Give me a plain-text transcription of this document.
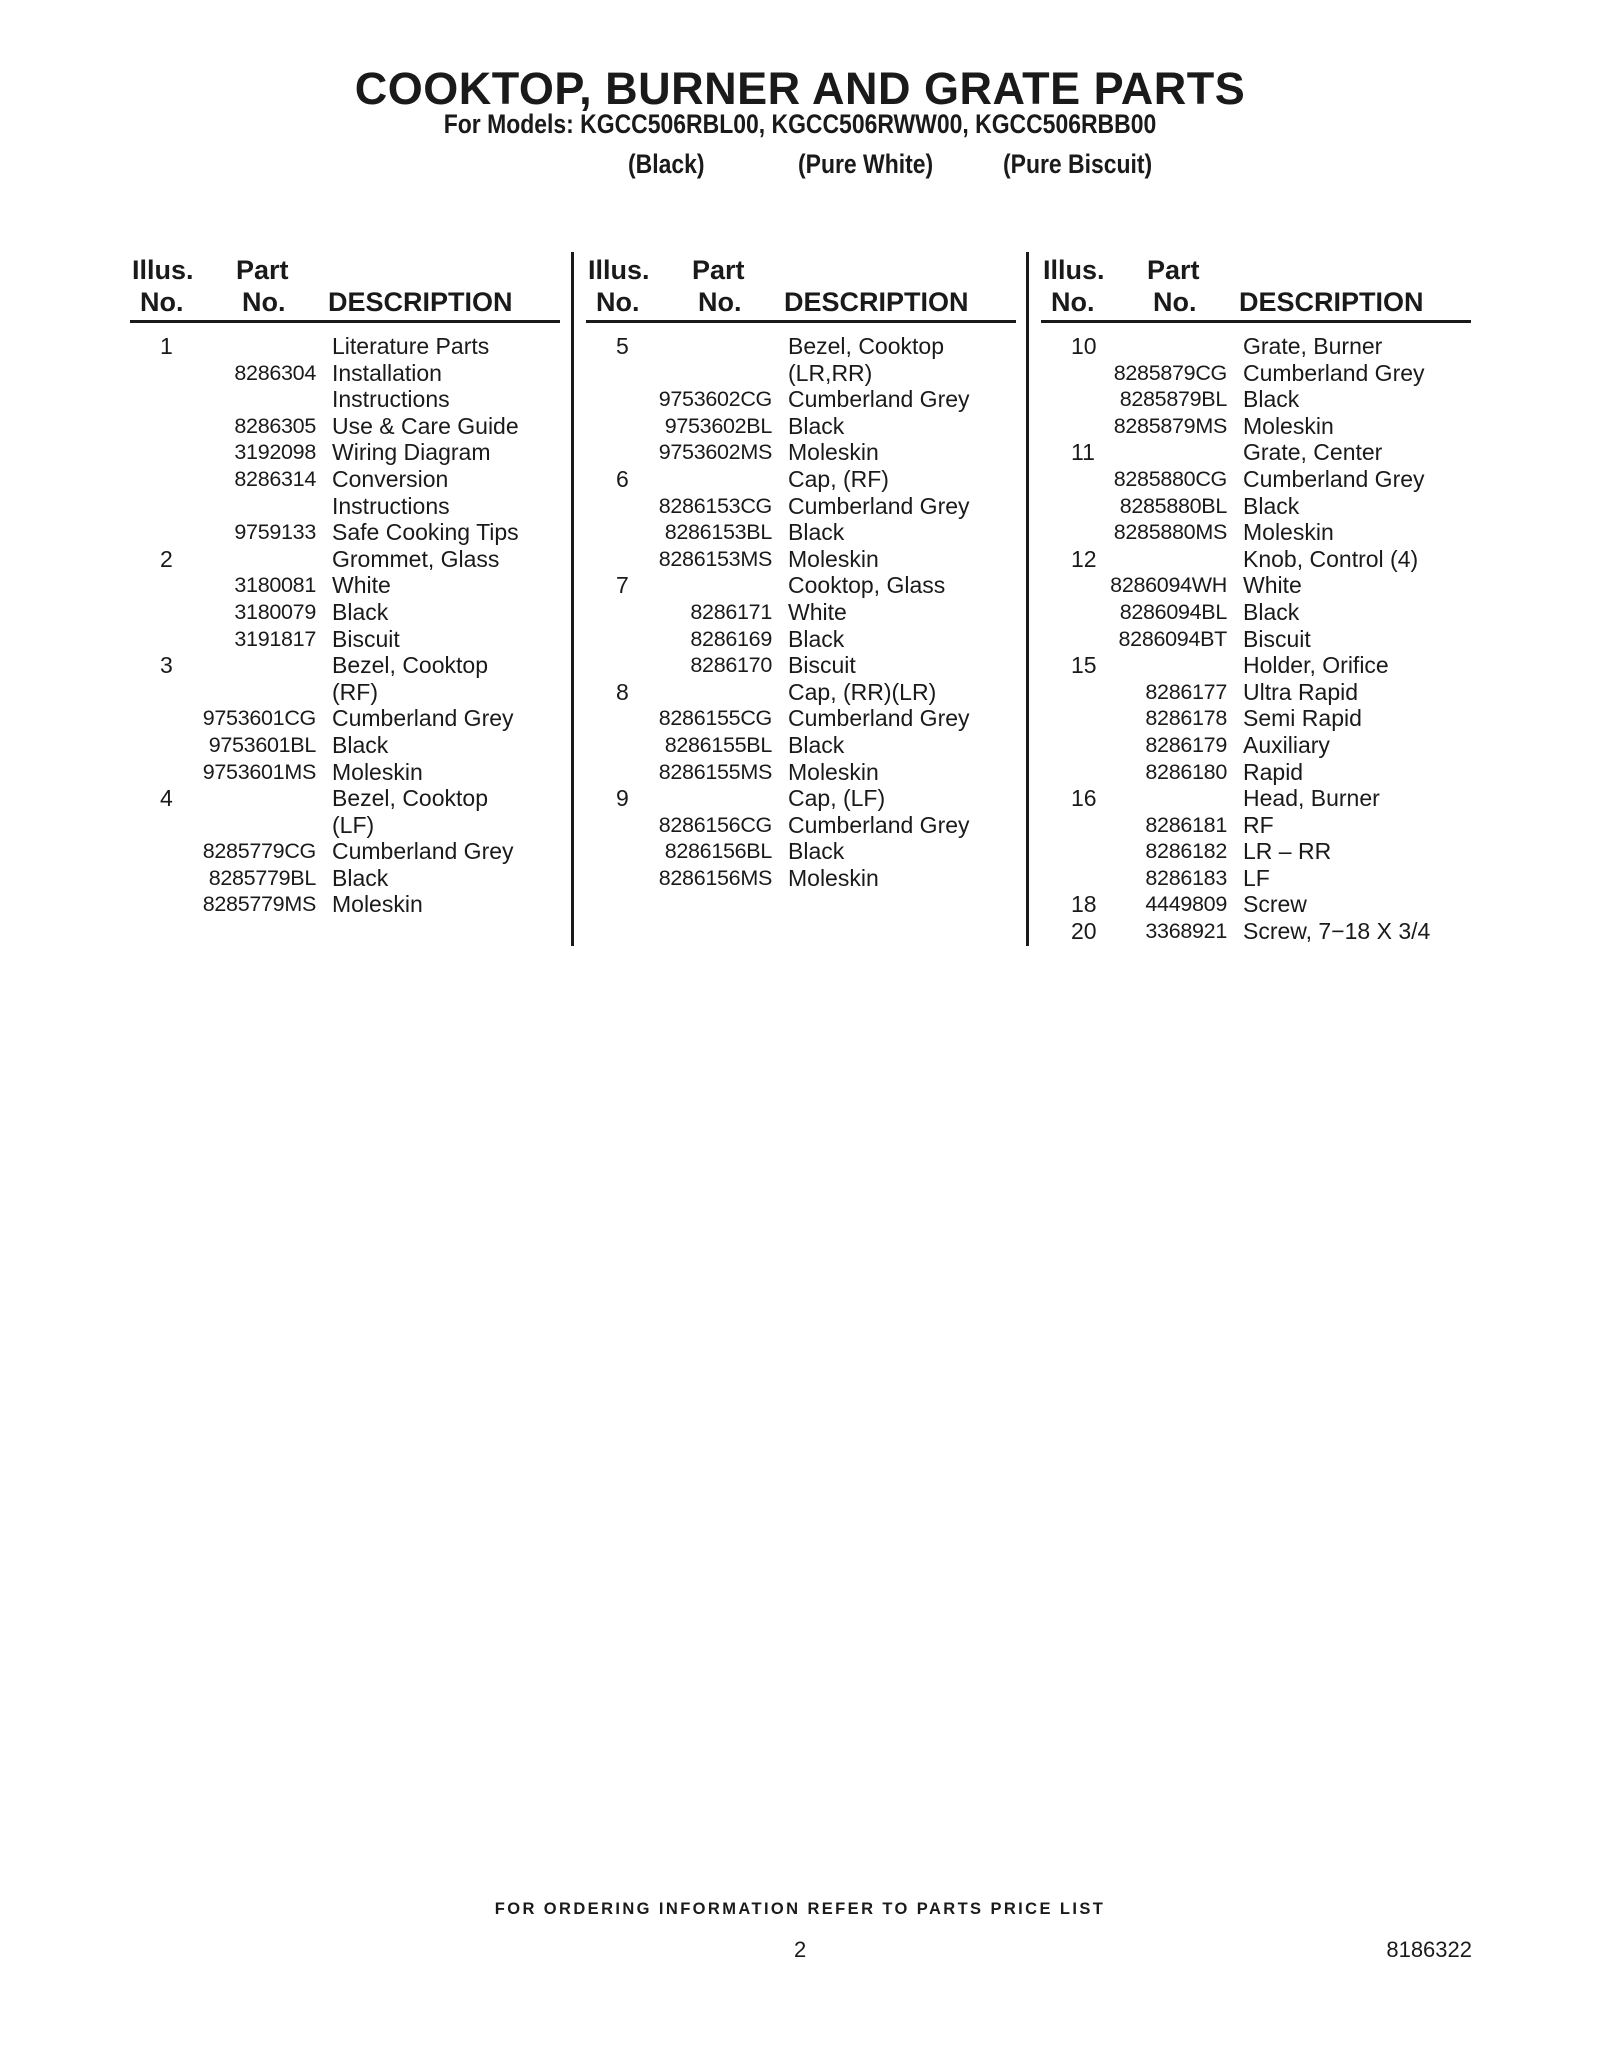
COOKTOP, BURNER AND GRATE PARTS
For Models: KGCC506RBL00, KGCC506RWW00, KGCC506RBB00
(Black)	(Pure White)	(Pure Biscuit)
Illus.
No.
Part
No. DESCRIPTION
1	Literature Parts
8286304 Installation
Instructions
8286305 Use & Care Guide
3192098 Wiring Diagram
8286314 Conversion
Instructions
9759133 Safe Cooking Tips
2	Grommet, Glass
3180081 White
3180079 Black
3191817 Biscuit
3	Bezel, Cooktop
(RF)
9753601CG Cumberland Grey
9753601BL Black
9753601MS Moleskin
4	Bezel, Cooktop
(LF)
8285779CG Cumberland Grey
8285779BL Black
8285779MS Moleskin
Illus.
No.
Part
No. DESCRIPTION
5	Bezel, Cooktop
(LR,RR)
9753602CG Cumberland Grey
9753602BL Black
9753602MS Moleskin
6	Cap, (RF)
8286153CG Cumberland Grey
8286153BL Black
8286153MS Moleskin
7	Cooktop, Glass
8286171 White
8286169 Black
8286170 Biscuit
8	Cap, (RR)(LR)
8286155CG Cumberland Grey
8286155BL Black
8286155MS Moleskin
9	Cap, (LF)
8286156CG Cumberland Grey
8286156BL Black
8286156MS Moleskin
Illus.
No.
Part
No. DESCRIPTION
10	Grate, Burner
8285879CG Cumberland Grey
8285879BL Black
8285879MS Moleskin
11	Grate, Center
8285880CG Cumberland Grey
8285880BL Black
8285880MS Moleskin
12	Knob, Control (4)
8286094WH White
8286094BL Black
8286094BT Biscuit
15	Holder, Orifice
8286177 Ultra Rapid
8286178 Semi Rapid
8286179 Auxiliary
8286180 Rapid
16	Head, Burner
8286181 RF
8286182 LR – RR
8286183 LF
18 4449809 Screw
20 3368921 Screw, 7−18 X 3/4
FOR ORDERING INFORMATION REFER TO PARTS PRICE LIST
2	8186322
